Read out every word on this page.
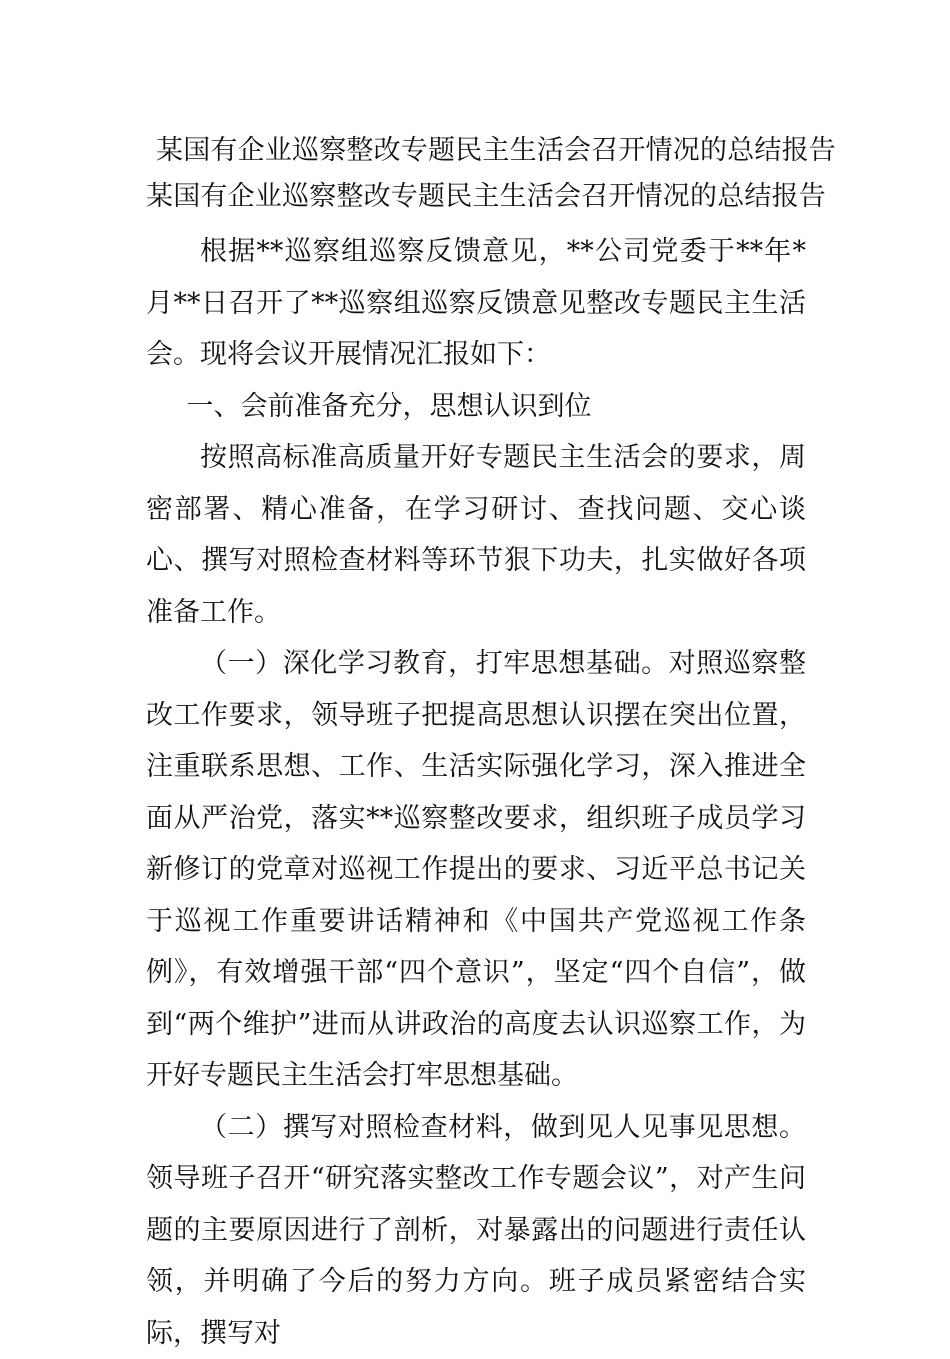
某国有企业巡察整改专题民主生活会召开情况的总结报告
某国有企业巡察整改专题民主生活会召开情况的总结报告

根据**巡察组巡察反馈意见，**公司党委于**年*月**日召开了**巡察组巡察反馈意见整改专题民主生活会。现将会议开展情况汇报如下：

一、会前准备充分，思想认识到位

按照高标准高质量开好专题民主生活会的要求，周密部署、精心准备，在学习研讨、查找问题、交心谈心、撰写对照检查材料等环节狠下功夫，扎实做好各项准备工作。

（一）深化学习教育，打牢思想基础。对照巡察整改工作要求，领导班子把提高思想认识摆在突出位置，注重联系思想、工作、生活实际强化学习，深入推进全面从严治党，落实**巡察整改要求，组织班子成员学习新修订的党章对巡视工作提出的要求、习近平总书记关于巡视工作重要讲话精神和《中国共产党巡视工作条例》，有效增强干部“四个意识”，坚定“四个自信”，做到“两个维护”进而从讲政治的高度去认识巡察工作，为开好专题民主生活会打牢思想基础。

（二）撰写对照检查材料，做到见人见事见思想。领导班子召开“研究落实整改工作专题会议”，对产生问题的主要原因进行了剖析，对暴露出的问题进行责任认领，并明确了今后的努力方向。班子成员紧密结合实际，撰写对
